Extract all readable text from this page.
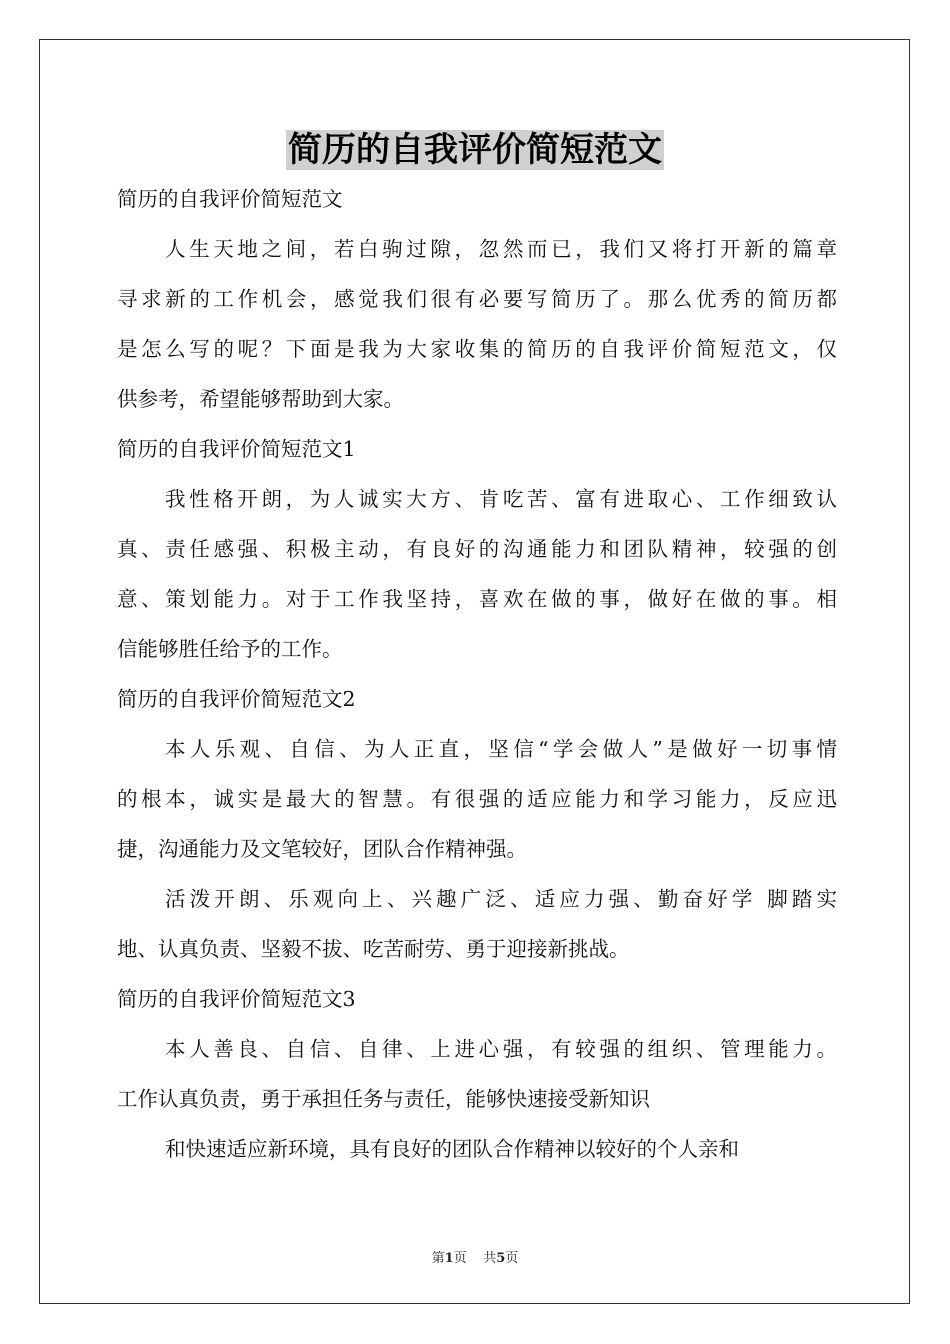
简历的自我评价简短范文
简历的自我评价简短范文
人生天地之间，若白驹过隙，忽然而已，我们又将打开新的篇章
寻求新的工作机会，感觉我们很有必要写简历了。那么优秀的简历都
是怎么写的呢？下面是我为大家收集的简历的自我评价简短范文，仅
供参考，希望能够帮助到大家。
简历的自我评价简短范文1
我性格开朗，为人诚实大方、肯吃苦、富有进取心、工作细致认
真、责任感强、积极主动，有良好的沟通能力和团队精神，较强的创
意、策划能力。对于工作我坚持，喜欢在做的事，做好在做的事。相
信能够胜任给予的工作。
简历的自我评价简短范文2
本人乐观、自信、为人正直，坚信“学会做人”是做好一切事情
的根本，诚实是最大的智慧。有很强的适应能力和学习能力，反应迅
捷，沟通能力及文笔较好，团队合作精神强。
活泼开朗、乐观向上、兴趣广泛、适应力强、勤奋好学 脚踏实
地、认真负责、坚毅不拔、吃苦耐劳、勇于迎接新挑战。
简历的自我评价简短范文3
本人善良、自信、自律、上进心强，有较强的组织、管理能力。
工作认真负责，勇于承担任务与责任，能够快速接受新知识
和快速适应新环境，具有良好的团队合作精神以较好的个人亲和
第1页 共5页
